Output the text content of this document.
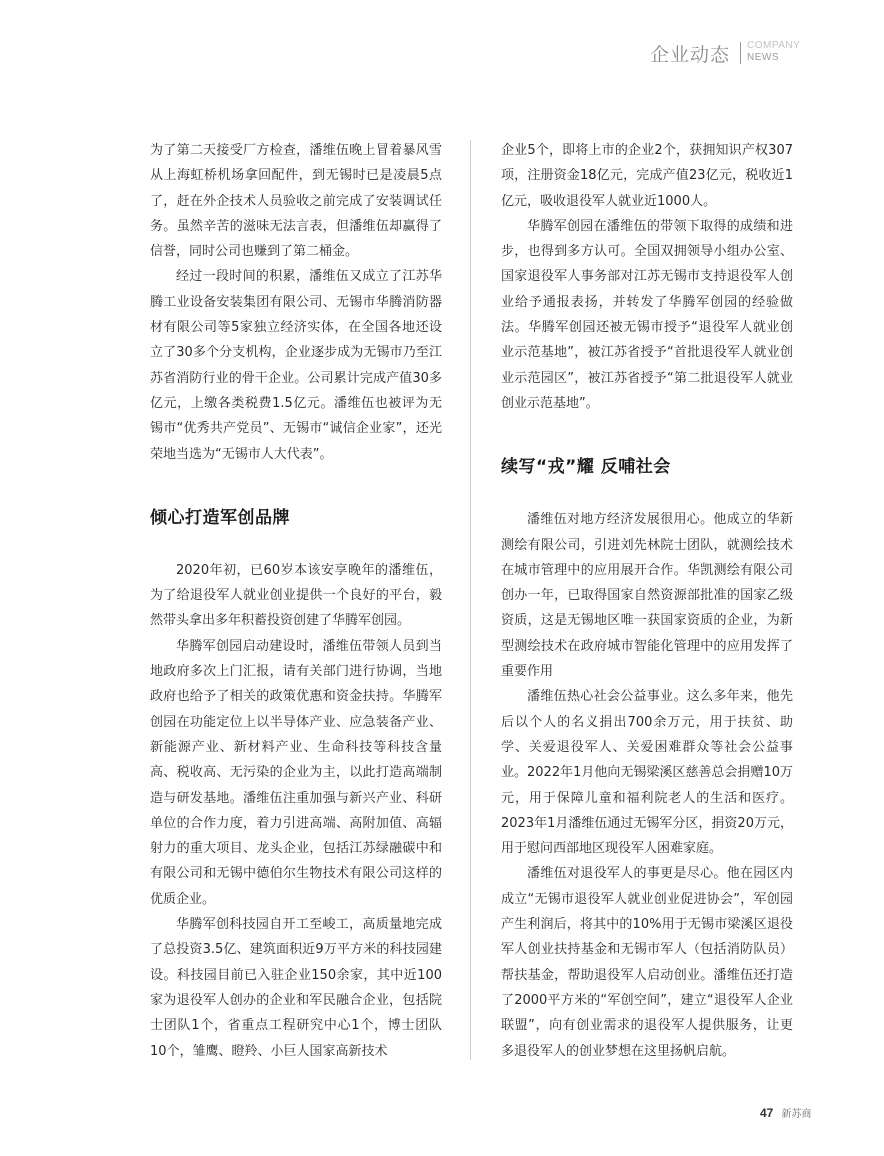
企业动态 COMPANY
NEWS

为了第二天接受厂方检查，潘维伍晚上冒着暴风雪从上海虹桥机场拿回配件，到无锡时已是凌晨5点了，赶在外企技术人员验收之前完成了安装调试任务。虽然辛苦的滋味无法言表，但潘维伍却赢得了信誉，同时公司也赚到了第二桶金。

经过一段时间的积累，潘维伍又成立了江苏华腾工业设备安装集团有限公司、无锡市华腾消防器材有限公司等5家独立经济实体，在全国各地还设立了30多个分支机构，企业逐步成为无锡市乃至江苏省消防行业的骨干企业。公司累计完成产值30多亿元，上缴各类税费1.5亿元。潘维伍也被评为无锡市“优秀共产党员”、无锡市“诚信企业家”，还光荣地当选为“无锡市人大代表”。

倾心打造军创品牌

2020年初，已60岁本该安享晚年的潘维伍，为了给退役军人就业创业提供一个良好的平台，毅然带头拿出多年积蓄投资创建了华腾军创园。

华腾军创园启动建设时，潘维伍带领人员到当地政府多次上门汇报，请有关部门进行协调，当地政府也给予了相关的政策优惠和资金扶持。华腾军创园在功能定位上以半导体产业、应急装备产业、新能源产业、新材料产业、生命科技等科技含量高、税收高、无污染的企业为主，以此打造高端制造与研发基地。潘维伍注重加强与新兴产业、科研单位的合作力度，着力引进高端、高附加值、高辐射力的重大项目、龙头企业，包括江苏绿融碳中和有限公司和无锡中德伯尔生物技术有限公司这样的优质企业。

华腾军创科技园自开工至峻工，高质量地完成了总投资3.5亿、建筑面积近9万平方米的科技园建设。科技园目前已入驻企业150余家，其中近100家为退役军人创办的企业和军民融合企业，包括院士团队1个，省重点工程研究中心1个，博士团队10个，雏鹰、瞪羚、小巨人国家高新技术

企业5个，即将上市的企业2个，获拥知识产权307项，注册资金18亿元，完成产值23亿元，税收近1亿元，吸收退役军人就业近1000人。

华腾军创园在潘维伍的带领下取得的成绩和进步，也得到多方认可。全国双拥领导小组办公室、国家退役军人事务部对江苏无锡市支持退役军人创业给予通报表扬，并转发了华腾军创园的经验做法。华腾军创园还被无锡市授予“退役军人就业创业示范基地”，被江苏省授予“首批退役军人就业创业示范园区”，被江苏省授予“第二批退役军人就业创业示范基地”。

续写“戎”耀 反哺社会

潘维伍对地方经济发展很用心。他成立的华新测绘有限公司，引进刘先林院士团队，就测绘技术在城市管理中的应用展开合作。华凯测绘有限公司创办一年，已取得国家自然资源部批准的国家乙级资质，这是无锡地区唯一获国家资质的企业，为新型测绘技术在政府城市智能化管理中的应用发挥了重要作用

潘维伍热心社会公益事业。这么多年来，他先后以个人的名义捐出700余万元，用于扶贫、助学、关爱退役军人、关爱困难群众等社会公益事业。2022年1月他向无锡梁溪区慈善总会捐赠10万元，用于保障儿童和福利院老人的生活和医疗。2023年1月潘维伍通过无锡军分区，捐资20万元，用于慰问西部地区现役军人困难家庭。

潘维伍对退役军人的事更是尽心。他在园区内成立“无锡市退役军人就业创业促进协会”，军创园产生利润后，将其中的10%用于无锡市梁溪区退役军人创业扶持基金和无锡市军人（包括消防队员）帮扶基金，帮助退役军人启动创业。潘维伍还打造了2000平方米的“军创空间”，建立“退役军人企业联盟”，向有创业需求的退役军人提供服务，让更多退役军人的创业梦想在这里扬帆启航。

47 新苏商
